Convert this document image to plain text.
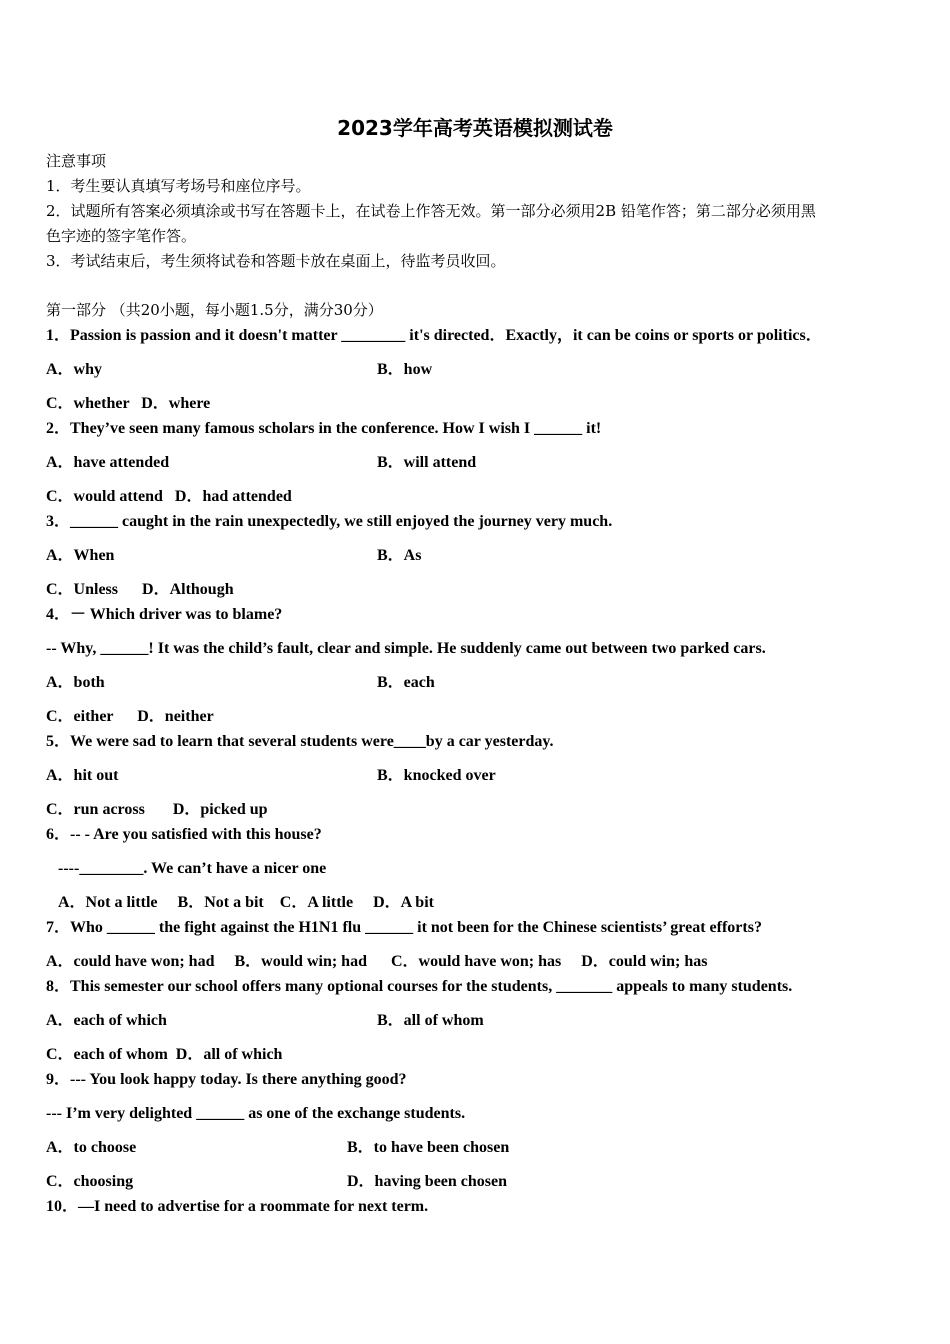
2023学年高考英语模拟测试卷
注意事项
1．考生要认真填写考场号和座位序号。
2．试题所有答案必须填涂或书写在答题卡上，在试卷上作答无效。第一部分必须用2B 铅笔作答；第二部分必须用黑
色字迹的签字笔作答。
3．考试结束后，考生须将试卷和答题卡放在桌面上，待监考员收回。
第一部分 （共20小题，每小题1.5分，满分30分）
1．Passion is passion and it doesn't matter ________ it's directed．Exactly，it can be coins or sports or politics．
A．why	B．how
C．whether   D．where
2．They’ve seen many famous scholars in the conference. How I wish I ______ it!
A．have attended	B．will attend
C．would attend   D．had attended
3．______ caught in the rain unexpectedly, we still enjoyed the journey very much.
A．When	B．As
C．Unless      D．Although
4．－ Which driver was to blame?
-- Why, ______! It was the child’s fault, clear and simple. He suddenly came out between two parked cars.
A．both	B．each
C．either      D．neither
5．We were sad to learn that several students were____by a car yesterday.
A．hit out	B．knocked over
C．run across       D．picked up
6．-- - Are you satisfied with this house?
----________. We can’t have a nicer one
A．Not a little     B．Not a bit    C．A little     D．A bit
7．Who ______ the fight against the H1N1 flu ______ it not been for the Chinese scientists’ great efforts?
A．could have won; had     B．would win; had      C．would have won; has     D．could win; has
8．This semester our school offers many optional courses for the students, _______ appeals to many students.
A．each of which	B．all of whom
C．each of whom  D．all of which
9．--- You look happy today. Is there anything good?
--- I’m very delighted ______ as one of the exchange students.
A．to choose	B．to have been chosen
C．choosing	D．having been chosen
10．—I need to advertise for a roommate for next term.
